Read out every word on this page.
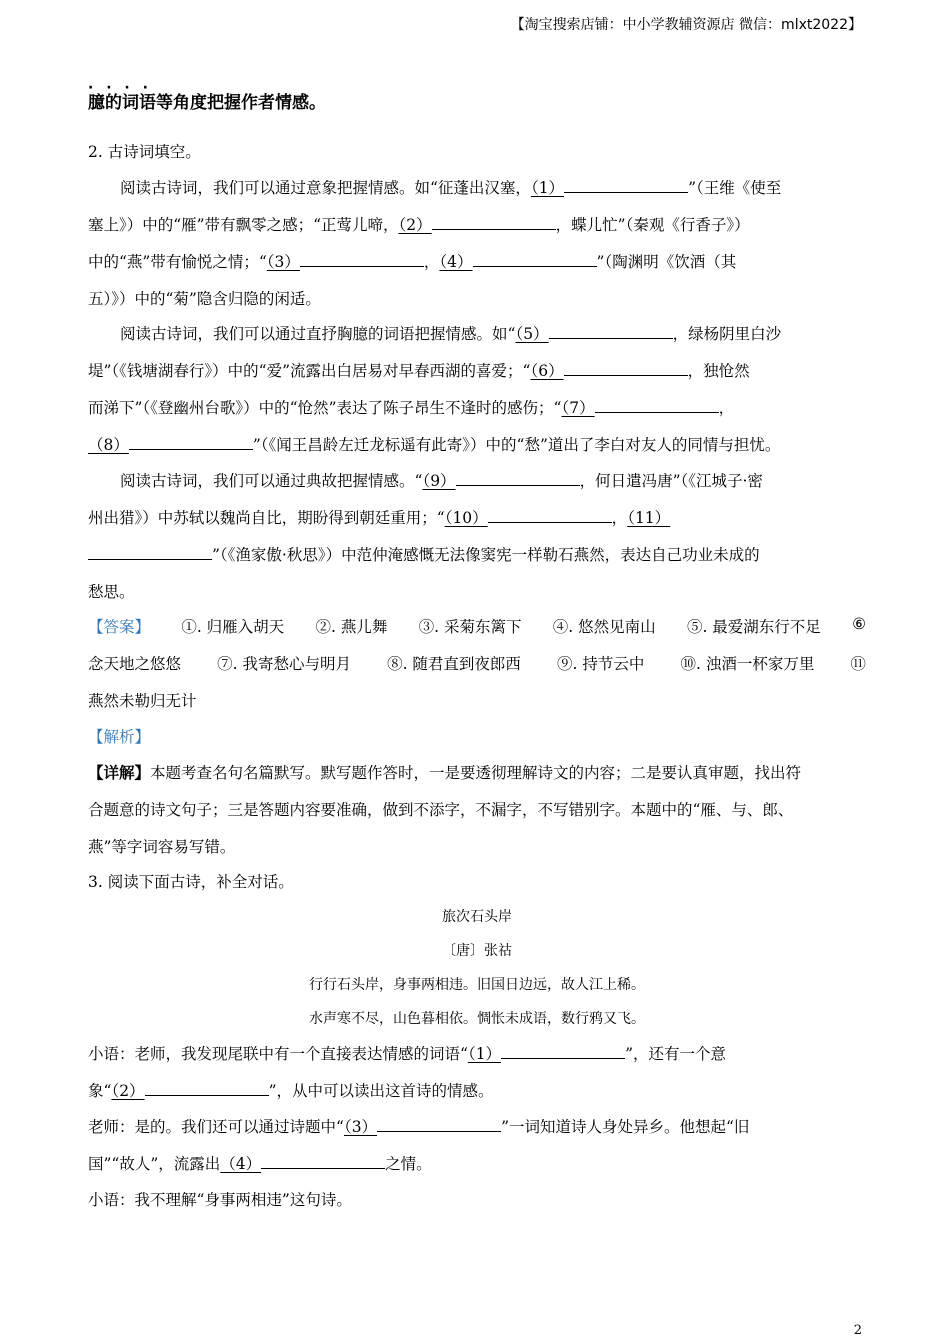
【淘宝搜索店铺：中小学教辅资源店 微信：mlxt2022】
· · · ·
臆的词语等角度把握作者情感。
2. 古诗词填空。
阅读古诗词，我们可以通过意象把握情感。如“征蓬出汉塞，（1）	”（王维《使至
塞上》）中的“雁”带有飘零之感；“正莺儿啼，（2）	，蝶儿忙”（秦观《行香子》）
中的“燕”带有愉悦之情；“（3）	，（4）	”（陶渊明《饮酒（其
五）》）中的“菊”隐含归隐的闲适。
阅读古诗词，我们可以通过直抒胸臆的词语把握情感。如“（5）	，绿杨阴里白沙
堤”（《钱塘湖春行》）中的“爱”流露出白居易对早春西湖的喜爱；“（6）	，独怆然
而涕下”（《登幽州台歌》）中的“怆然”表达了陈子昂生不逢时的感伤；“（7）	，
（8）	”（《闻王昌龄左迁龙标遥有此寄》）中的“愁”道出了李白对友人的同情与担忧。
阅读古诗词，我们可以通过典故把握情感。“（9）	，何日遣冯唐”（《江城子·密
州出猎》）中苏轼以魏尚自比，期盼得到朝廷重用；“（10）	，（11）
”（《渔家傲·秋思》）中范仲淹感慨无法像窦宪一样勒石燕然，表达自己功业未成的
愁思。
【答案】 ①. 归雁入胡天 ②. 燕儿舞 ③. 采菊东篱下 ④. 悠然见南山 ⑤. 最爱湖东行不足 ⑥
念天地之悠悠 ⑦. 我寄愁心与明月 ⑧. 随君直到夜郎西 ⑨. 持节云中 ⑩. 浊酒一杯家万里 ⑪
燕然未勒归无计
【解析】
【详解】本题考查名句名篇默写。默写题作答时，一是要透彻理解诗文的内容；二是要认真审题，找出符
合题意的诗文句子；三是答题内容要准确，做到不添字，不漏字，不写错别字。本题中的“雁、与、郎、
燕”等字词容易写错。
3. 阅读下面古诗，补全对话。
旅次石头岸
〔唐〕张祜
行行石头岸，身事两相违。旧国日边远，故人江上稀。
水声寒不尽，山色暮相依。惆怅未成语，数行鸦又飞。
小语：老师，我发现尾联中有一个直接表达情感的词语“（1）	”，还有一个意
象“（2）	”，从中可以读出这首诗的情感。
老师：是的。我们还可以通过诗题中“（3）	”一词知道诗人身处异乡。他想起“旧
国”“故人”，流露出（4）	之情。
小语：我不理解“身事两相违”这句诗。
2
